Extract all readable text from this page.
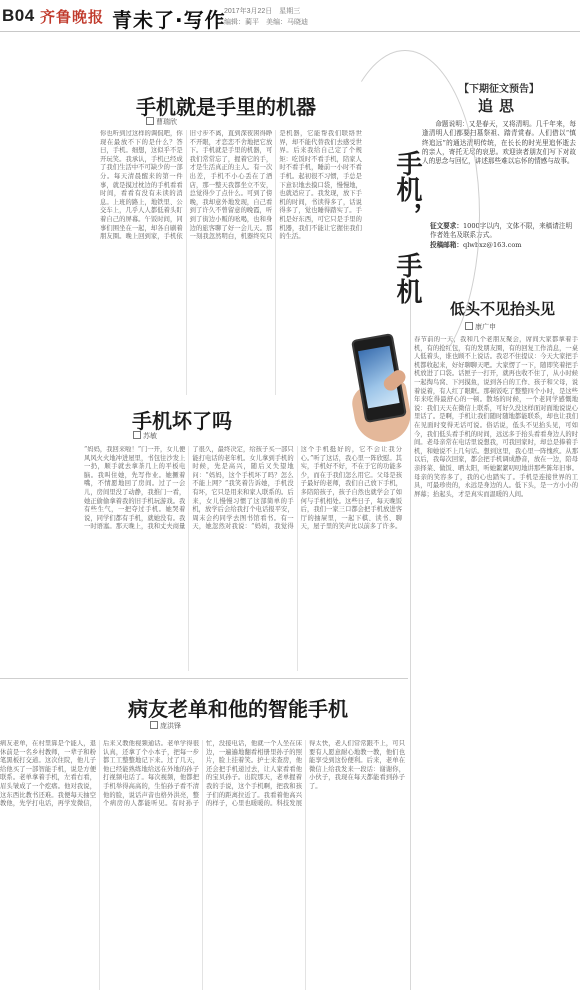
B04 齐鲁晚报 青未了·写作
2017年3月22日　星期三
编辑：蔺平　美编：马晓迪
手机就是手里的机器
曹瑞欣
你也听到过这样的调侃吧，你现在最放不下的是什么？答曰，手机。细想，这似乎不是开玩笑。我承认，手机已经成了我们生活中不可缺少的一部分。每天清晨醒来的第一件事，就是摸过枕边的手机看看时间，看看有没有未读的消息。上班的路上，地铁里、公交车上，几乎人人都低着头盯着自己的屏幕。午饭时间，同事们围坐在一起，却各自刷着朋友圈。晚上回到家，手机依旧寸步不离，直到深夜困得睁不开眼，才恋恋不舍地把它放下。手机就是手里的机器，可我们常常忘了，握着它的手，才是生活真正的主人。有一次出差，手机不小心丢在了酒店，那一整天我都坐立不安，总觉得少了点什么。可到了傍晚，我却意外地发现，自己看到了许久不曾留意的晚霞，听到了街边小贩的吆喝，也和身边的旅客聊了好一会儿天。那一刻我忽然明白，机器终究只是机器，它能帮我们联络世界，却不能代替我们去感受世界。后来我给自己定了个规矩：吃饭时不看手机，陪家人时不看手机，睡前一小时不看手机。起初很不习惯，手总是下意识地去摸口袋，慢慢地，也就适应了。我发现，放下手机的时间，书读得多了，话说得多了，觉也睡得踏实了。手机是好东西，可它只是手里的机器，我们不能让它握住我们的生活。
手机坏了吗
苏敏
“妈妈，我回来啦！”门一开，女儿便风风火火地冲进屋里，书包往沙发上一扔，顺手就去拿茶几上的平板电脑。我叫住她，先写作业。她撅着嘴，不情愿地回了房间。过了一会儿，房间里没了动静，我推门一看，她正偷偷拿着我的旧手机玩游戏。我有些生气，一把夺过手机。她哭着说，同学们都有手机，就她没有。我一时语塞。那天晚上，我和丈夫商量了很久，最终决定，给孩子买一部只能打电话的老年机。女儿拿到手机的时候，先是高兴，随后又失望地问：“妈妈，这个手机坏了吗？怎么不能上网？”我笑着告诉她，手机没有坏，它只是用来和家人联系的。后来，女儿慢慢习惯了这部简单的手机，放学后会给我打个电话报平安，周末会约同学去图书馆看书。有一天，她忽然对我说：“妈妈，我觉得这个手机挺好的，它不会让我分心。”听了这话，我心里一阵欣慰。其实，手机好不好，不在于它的功能多少，而在于我们怎么用它。父母是孩子最好的老师，我们自己放下手机，多陪陪孩子，孩子自然也就学会了如何与手机相处。这些日子，每天晚饭后，我们一家三口都会把手机放进客厅的抽屉里，一起下棋、读书、聊天，屋子里的笑声比以前多了许多。
病友老单和他的智能手机
庞洪锋
病友老单，在村里算是个能人，退休前是一名乡村教师，一辈子和粉笔黑板打交道。这次住院，他儿子给他买了一部智能手机，说是方便联系。老单拿着手机，左看右看，眉头皱成了一个疙瘩。他对我说，这东西比教书还难。我便每天抽空教他，先学打电话，再学发微信，后来又教他视频通话。老单学得很认真，还拿了个小本子，把每一步都工工整整地记下来。过了几天，他已经能熟练地给远在外地的孙子打视频电话了。每次视频，他都把手机举得高高的，生怕孙子看不清他的脸，说话声音也格外洪亮，整个病房的人都能听见。有时孙子忙，没接电话，他就一个人坐在床边，一遍遍地翻看相册里孙子的照片，脸上挂着笑。护士来查房，他还会把手机递过去，让人家看看他的宝贝孙子。出院那天，老单握着我的手说，这个手机啊，把我和孩子们的距离拉近了。我看着他高兴的样子，心里也暖暖的。科技发展得太快，老人们常常跟不上，可只要有人愿意耐心地教一教，他们也能享受到这份便利。后来，老单在微信上给我发来一段话：谢谢你，小伙子，我现在每天都能看到孙子了。
【下期征文预告】
追思
命题说明：又是春天，又将清明。几千年来，每逢清明人们都要扫墓祭祖、踏青赏春。人们借以“慎终追远”的通达清明传统，在长长的时光里追怀逝去的亲人，寄托无尽的哀思。欢迎读者朋友们写下对故人的思念与回忆，讲述那些难以忘怀的情感与故事。
征文要求：1000字以内，文体不限，来稿请注明作者姓名及联系方式。
投稿邮箱：qlwbxz@163.com
低头不见抬头见
康广申
春节前的一天，我和几个老朋友聚会，席间大家都拿着手机，有的抢红包，有的发朋友圈，有的回复工作消息，一桌人低着头，谁也顾不上说话。我忍不住提议：今天大家把手机都收起来，好好聊聊天吧。大家愣了一下，随即笑着把手机放进了口袋。话匣子一打开，就再也收不住了，从小时候一起掏鸟窝、下河摸鱼，说到各自的工作、孩子和父母，说着说着，有人红了眼眶。那顿饭吃了整整四个小时，是这些年来吃得最舒心的一顿。散场的时候，一个老同学感慨地说：我们天天在微信上联系，可好久没这样面对面地说说心里话了。是啊，手机让我们随时随地都能联系，却也让我们在见面时变得无话可说。俗话说，低头不见抬头见，可如今，我们低头看手机的时间，远远多于抬头看看身边人的时间。老母亲常在电话里说想我，可我回家时，却总是捧着手机，和她说不上几句话。想到这里，我心里一阵愧疚。从那以后，我每次回家，都会把手机调成静音，放在一边，陪母亲择菜、做饭、晒太阳，听她絮絮叨叨地讲那些陈年旧事。母亲的笑容多了，我的心也踏实了。手机是连接世界的工具，可最珍贵的，永远是身边的人。低下头，是一方小小的屏幕；抬起头，才是真实而温暖的人间。
手机，
手机
